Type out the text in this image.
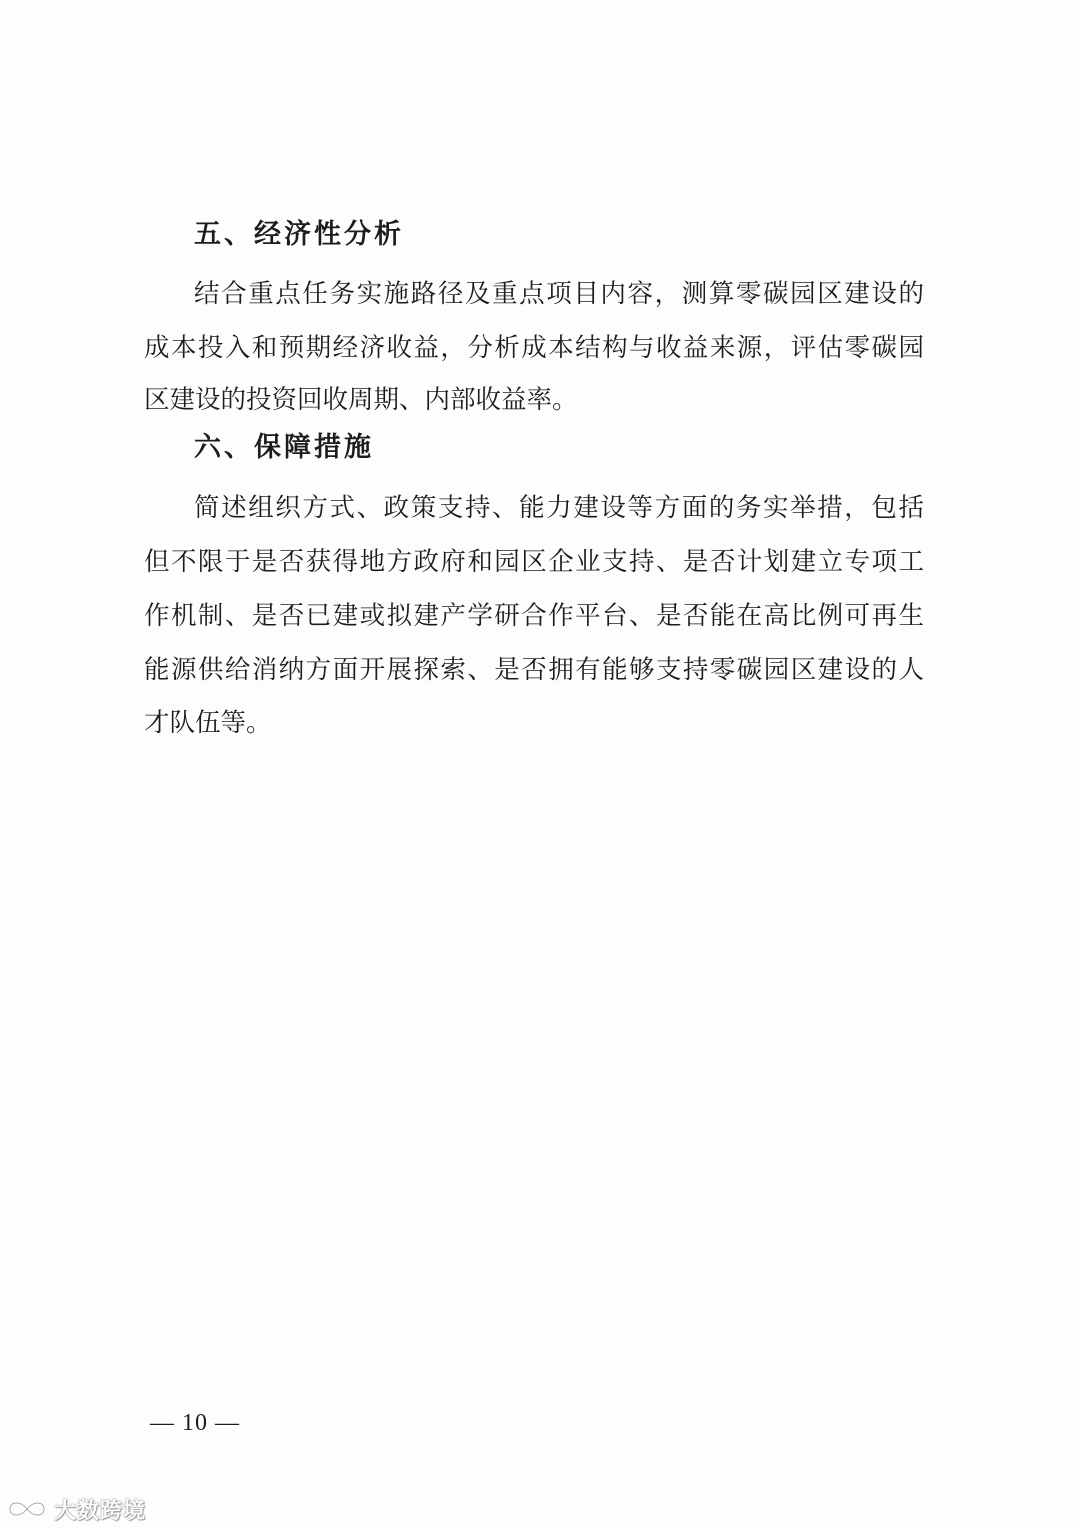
五、经济性分析

结合重点任务实施路径及重点项目内容，测算零碳园区建设的

成本投入和预期经济收益，分析成本结构与收益来源，评估零碳园

区建设的投资回收周期、内部收益率。

六、保障措施

简述组织方式、政策支持、能力建设等方面的务实举措，包括

但不限于是否获得地方政府和园区企业支持、是否计划建立专项工

作机制、是否已建或拟建产学研合作平台、是否能在高比例可再生

能源供给消纳方面开展探索、是否拥有能够支持零碳园区建设的人

才队伍等。

— 10 —
大数跨境
